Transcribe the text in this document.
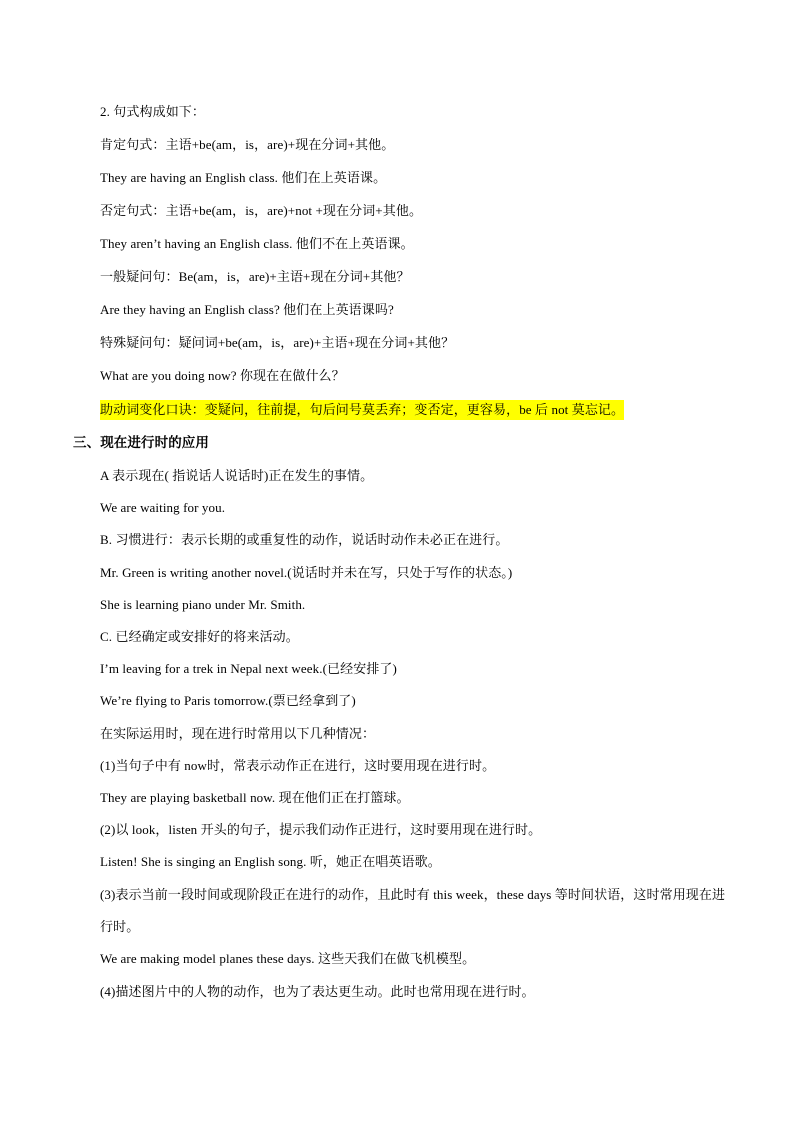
2. 句式构成如下：
肯定句式：主语+be(am，is，are)+现在分词+其他。
They are having an English class. 他们在上英语课。
否定句式：主语+be(am，is，are)+not +现在分词+其他。
They aren’t having an English class. 他们不在上英语课。
一般疑问句：Be(am，is，are)+主语+现在分词+其他？
Are they having an English class? 他们在上英语课吗?
特殊疑问句：疑问词+be(am，is，are)+主语+现在分词+其他？
What are you doing now? 你现在在做什么？
助动词变化口诀：变疑问，往前提，句后问号莫丢弃；变否定，更容易，be 后 not 莫忘记。
三、现在进行时的应用
A 表示现在( 指说话人说话时)正在发生的事情。
We are waiting for you.
B. 习惯进行：表示长期的或重复性的动作，说话时动作未必正在进行。
Mr. Green is writing another novel.(说话时并未在写，只处于写作的状态。)
She is learning piano under Mr. Smith.
C. 已经确定或安排好的将来活动。
I’m leaving for a trek in Nepal next week.(已经安排了)
We’re flying to Paris tomorrow.(票已经拿到了)
在实际运用时，现在进行时常用以下几种情况：
(1)当句子中有 now时，常表示动作正在进行，这时要用现在进行时。
They are playing basketball now. 现在他们正在打篮球。
(2)以 look，listen 开头的句子，提示我们动作正进行，这时要用现在进行时。
Listen! She is singing an English song. 听，她正在唱英语歌。
(3)表示当前一段时间或现阶段正在进行的动作，且此时有 this week，these days 等时间状语，这时常用现在进行时。
We are making model planes these days. 这些天我们在做飞机模型。
(4)描述图片中的人物的动作，也为了表达更生动。此时也常用现在进行时。
